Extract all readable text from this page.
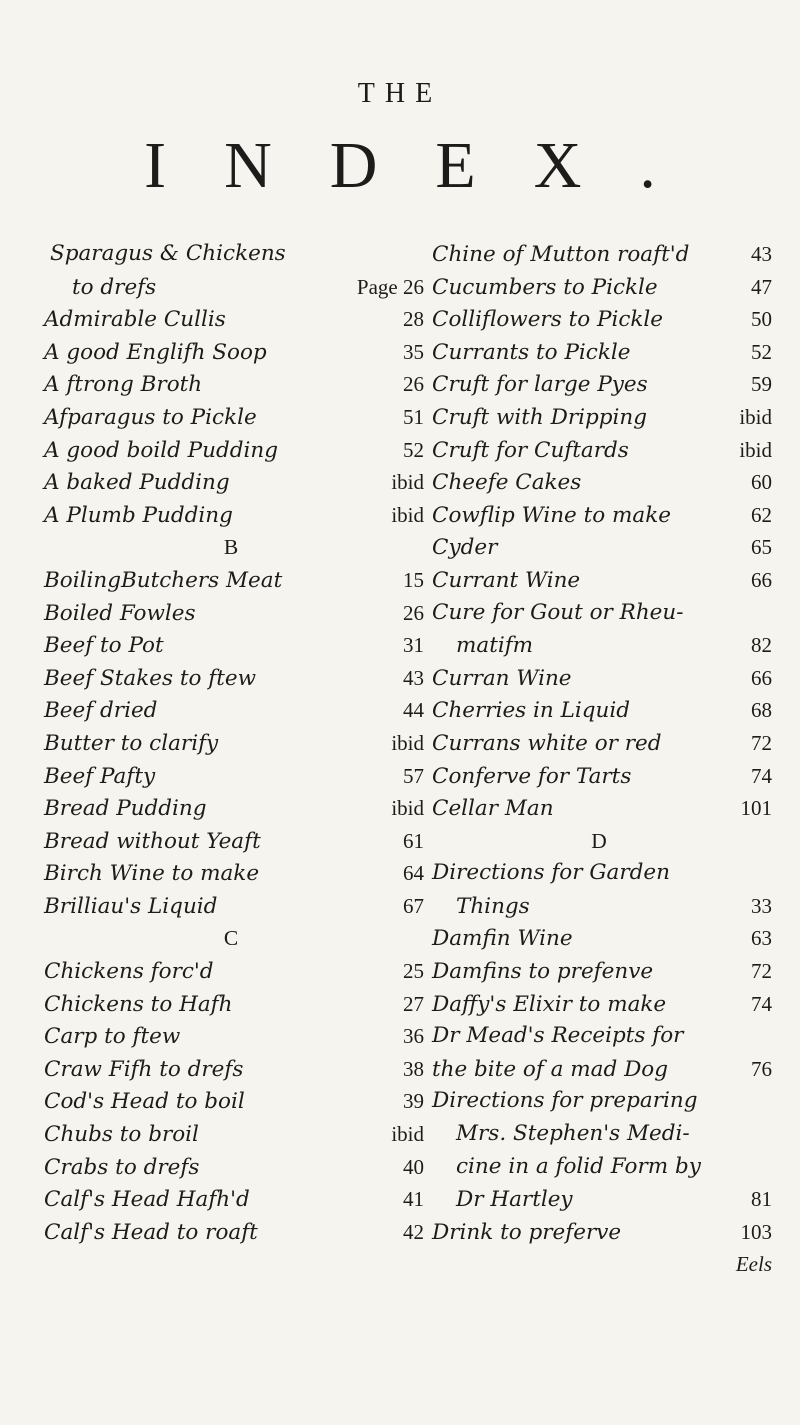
THE
INDEX.
Sparagus & Chickens
to drefs	Page 26
Admirable Cullis	28
A good Englifh Soop	35
A ftrong Broth	26
Afparagus to Pickle	51
A good boild Pudding	52
A baked Pudding	ibid
A Plumb Pudding	ibid
B
BoilingButchers Meat	15
Boiled Fowles	26
Beef to Pot	31
Beef Stakes to ftew	43
Beef dried	44
Butter to clarify	ibid
Beef Pafty	57
Bread Pudding	ibid
Bread without Yeaft	61
Birch Wine to make	64
Brilliau's Liquid	67
C
Chickens forc'd	25
Chickens to Hafh	27
Carp to ftew	36
Craw Fifh to drefs	38
Cod's Head to boil	39
Chubs to broil	ibid
Crabs to drefs	40
Calf's Head Hafh'd	41
Calf's Head to roaft	42
Chine of Mutton roaft'd	43
Cucumbers to Pickle	47
Colliflowers to Pickle	50
Currants to Pickle	52
Cruft for large Pyes	59
Cruft with Dripping	ibid
Cruft for Cuftards	ibid
Cheefe Cakes	60
Cowflip Wine to make	62
Cyder	65
Currant Wine	66
Cure for Gout or Rheu-
matifm	82
Curran Wine	66
Cherries in Liquid	68
Currans white or red	72
Conferve for Tarts	74
Cellar Man	101
D
Directions for Garden
Things	33
Damfin Wine	63
Damfins to prefenve	72
Daffy's Elixir to make	74
Dr Mead's Receipts for
the bite of a mad Dog	76
Directions for preparing
Mrs. Stephen's Medi-
cine in a folid Form by
Dr Hartley	81
Drink to preferve	103
Eels
